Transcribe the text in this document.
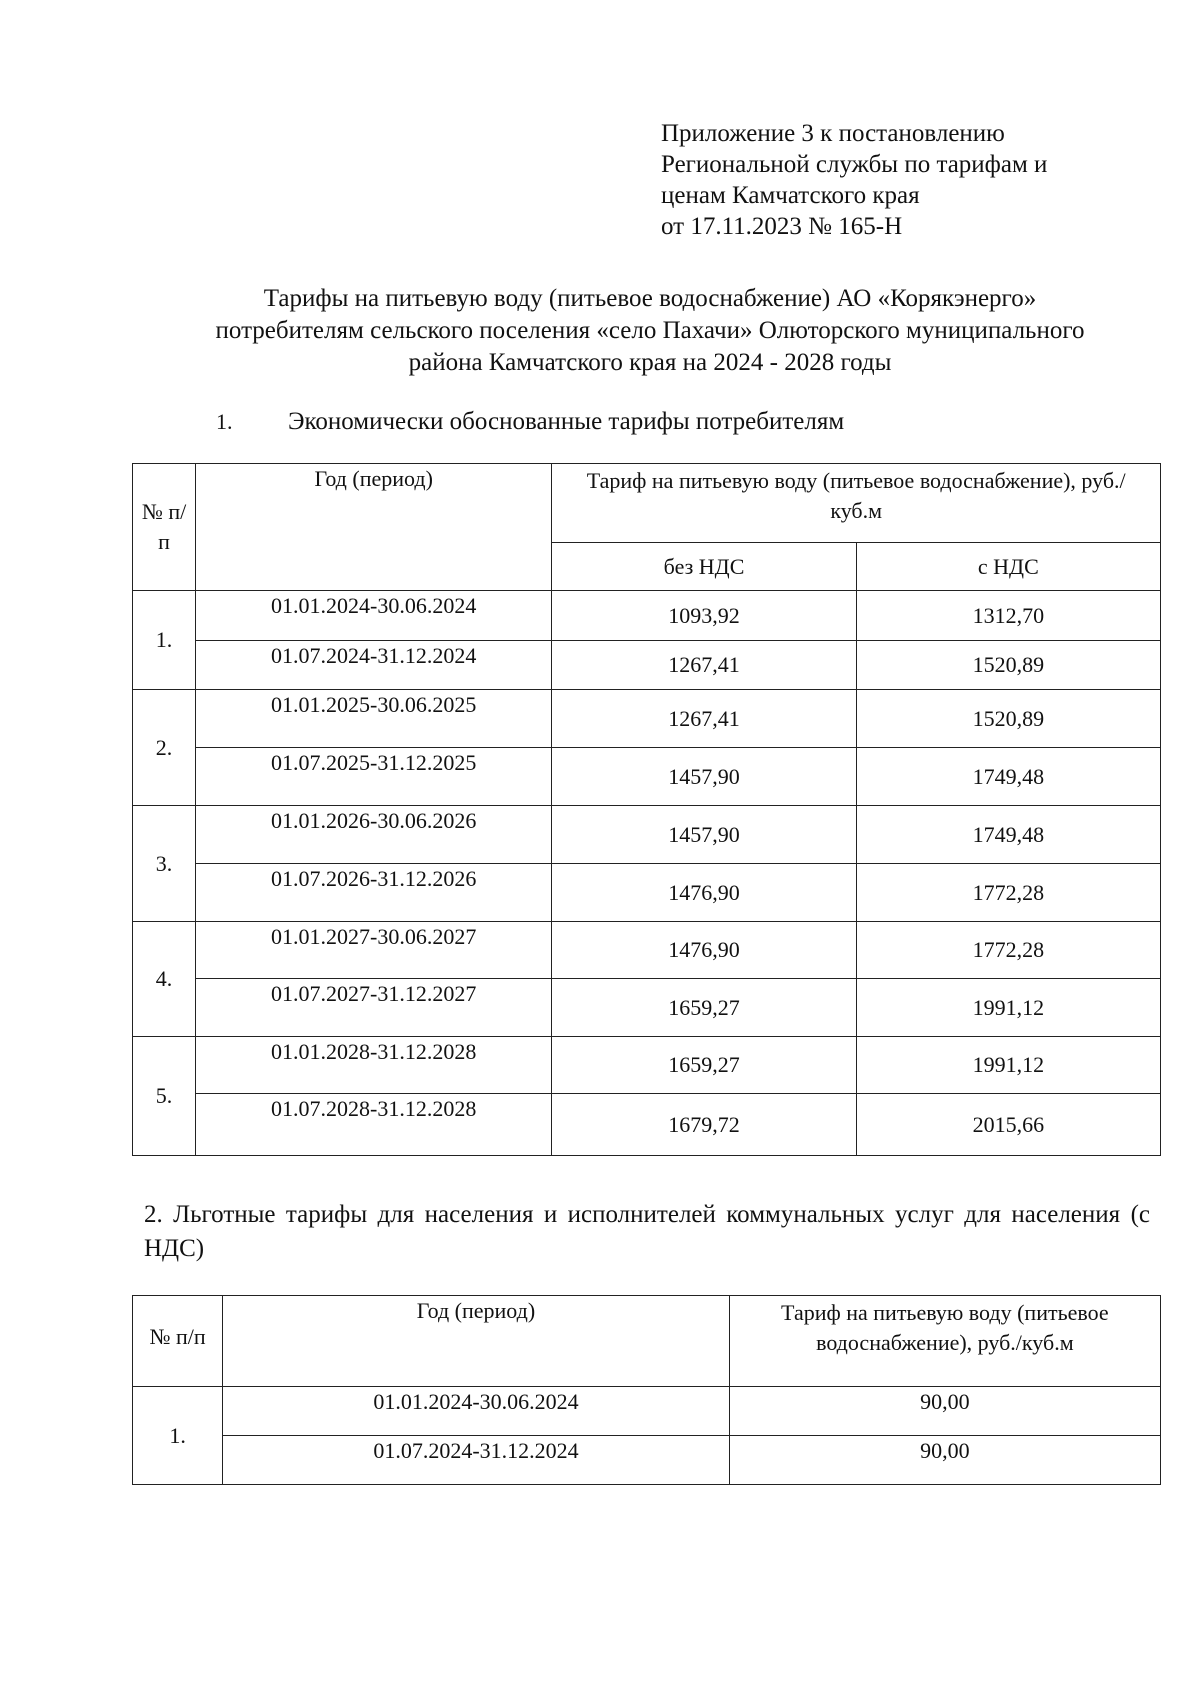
Приложение 3 к постановлению
Региональной службы по тарифам и
ценам Камчатского края
от 17.11.2023 № 165-Н
Тарифы на питьевую воду (питьевое водоснабжение) АО «Корякэнерго»
потребителям сельского поселения «село Пахачи» Олюторского муниципального
района Камчатского края на 2024 - 2028 годы
1. Экономически обоснованные тарифы потребителям
№ п/п	Год (период)	Тариф на питьевую воду (питьевое водоснабжение), руб./куб.м	
		без НДС	с НДС
1.	01.01.2024-30.06.2024	1093,92	1312,70
	01.07.2024-31.12.2024	1267,41	1520,89
2.	01.01.2025-30.06.2025	1267,41	1520,89
	01.07.2025-31.12.2025	1457,90	1749,48
3.	01.01.2026-30.06.2026	1457,90	1749,48
	01.07.2026-31.12.2026	1476,90	1772,28
4.	01.01.2027-30.06.2027	1476,90	1772,28
	01.07.2027-31.12.2027	1659,27	1991,12
5.	01.01.2028-31.12.2028	1659,27	1991,12
	01.07.2028-31.12.2028	1679,72	2015,66
2. Льготные тарифы для населения и исполнителей коммунальных услуг для населения (с НДС)
№ п/п	Год (период)	Тариф на питьевую воду (питьевое водоснабжение), руб./куб.м
1.	01.01.2024-30.06.2024	90,00
	01.07.2024-31.12.2024	90,00
